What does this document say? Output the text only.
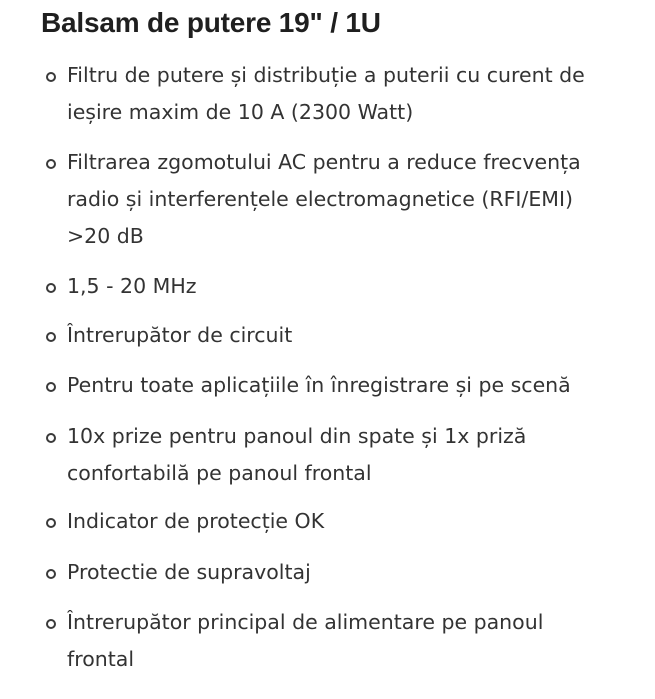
Balsam de putere 19" / 1U
Filtru de putere și distribuție a puterii cu curent de
ieșire maxim de 10 A (2300 Watt)
Filtrarea zgomotului AC pentru a reduce frecvența
radio și interferențele electromagnetice (RFI/EMI)
>20 dB
1,5 - 20 MHz
Întrerupător de circuit
Pentru toate aplicațiile în înregistrare și pe scenă
10x prize pentru panoul din spate și 1x priză
confortabilă pe panoul frontal
Indicator de protecție OK
Protectie de supravoltaj
Întrerupător principal de alimentare pe panoul
frontal
